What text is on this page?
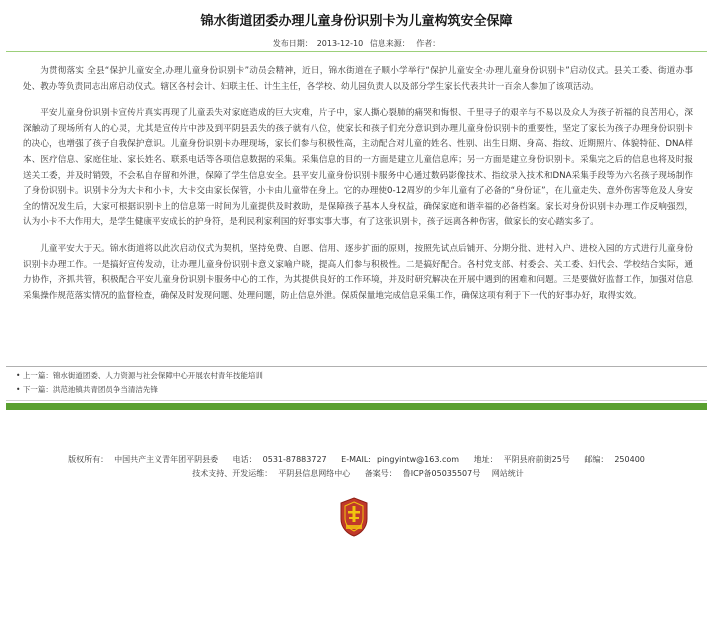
锦水街道团委办理儿童身份识别卡为儿童构筑安全保障
发布日期： 2013-12-10 信息来源： 作者：

为贯彻落实 全县“保护儿童安全,办理儿童身份识别卡”动员会精神，近日，锦水街道在子顺小学举行“保护儿童安全·办理儿童身份识别卡”启动仪式。县关工委、街道办事处、教办等负责同志出席启动仪式。辖区各村会计、妇联主任、计生主任，各学校、幼儿园负责人以及部分学生家长代表共计一百余人参加了该项活动。

平安儿童身份识别卡宣传片真实再现了儿童丢失对家庭造成的巨大灾难，片子中，家人撕心裂肺的痛哭和悔恨、千里寻子的艰辛与不易以及众人为孩子祈福的良苦用心，深深触动了现场所有人的心灵，尤其是宣传片中涉及到平阴县丢失的孩子就有八位，使家长和孩子们充分意识到办理儿童身份识别卡的重要性，坚定了家长为孩子办理身份识别卡的决心，也增强了孩子自我保护意识。儿童身份识别卡办理现场，家长们参与积极性高，主动配合对儿童的姓名、性别、出生日期、身高、指纹、近期照片、体貌特征、DNA样本、医疗信息、家庭住址、家长姓名、联系电话等各项信息数据的采集。采集信息的目的一方面是建立儿童信息库；另一方面是建立身份识别卡。采集完之后的信息也将及时报送关工委，并及时销毁，不会私自存留和外泄，保障了学生信息安全。县平安儿童身份识别卡服务中心通过数码影像技术、指纹录入技术和DNA采集手段等为六名孩子现场制作了身份识别卡。识别卡分为大卡和小卡，大卡交由家长保管，小卡由儿童带在身上。它的办理使0-12周岁的少年儿童有了必备的“身份证”，在儿童走失、意外伤害等危及人身安全的情况发生后，大家可根据识别卡上的信息第一时间为儿童提供及时救助，是保障孩子基本人身权益，确保家庭和谐幸福的必备档案。家长对身份识别卡办理工作反响强烈，认为小卡不大作用大，是学生健康平安成长的护身符，是利民利家利国的好事实事大事，有了这张识别卡，孩子远离各种伤害，做家长的安心踏实多了。

儿童平安大于天。锦水街道将以此次启动仪式为契机，坚持免费、自愿、信用、逐步扩面的原则，按照先试点后铺开、分期分批、进村入户、进校入园的方式进行儿童身份识别卡办理工作。一是搞好宣传发动，让办理儿童身份识别卡意义家喻户晓，提高人们参与积极性。二是搞好配合。各村党支部、村委会、关工委、妇代会、学校结合实际，通力协作，齐抓共管，积极配合平安儿童身份识别卡服务中心的工作，为其提供良好的工作环境，并及时研究解决在开展中遇到的困难和问题。三是要做好监督工作，加强对信息采集操作规范落实情况的监督检查，确保及时发现问题、处理问题，防止信息外泄。保质保量地完成信息采集工作，确保这项有利于下一代的好事办好，取得实效。

• 上一篇：锦水街道团委、人力资源与社会保障中心开展农村青年技能培训
• 下一篇：洪范池镇共青团员争当清洁先锋
版权所有： 中国共产主义青年团平阴县委 电话： 0531-87883727 E-MAIL: pingyintw@163.com 地址： 平阴县府前街25号 邮编： 250400
技术支持、开发运维： 平阴县信息网络中心 备案号： 鲁ICP备05035507号 网站统计
